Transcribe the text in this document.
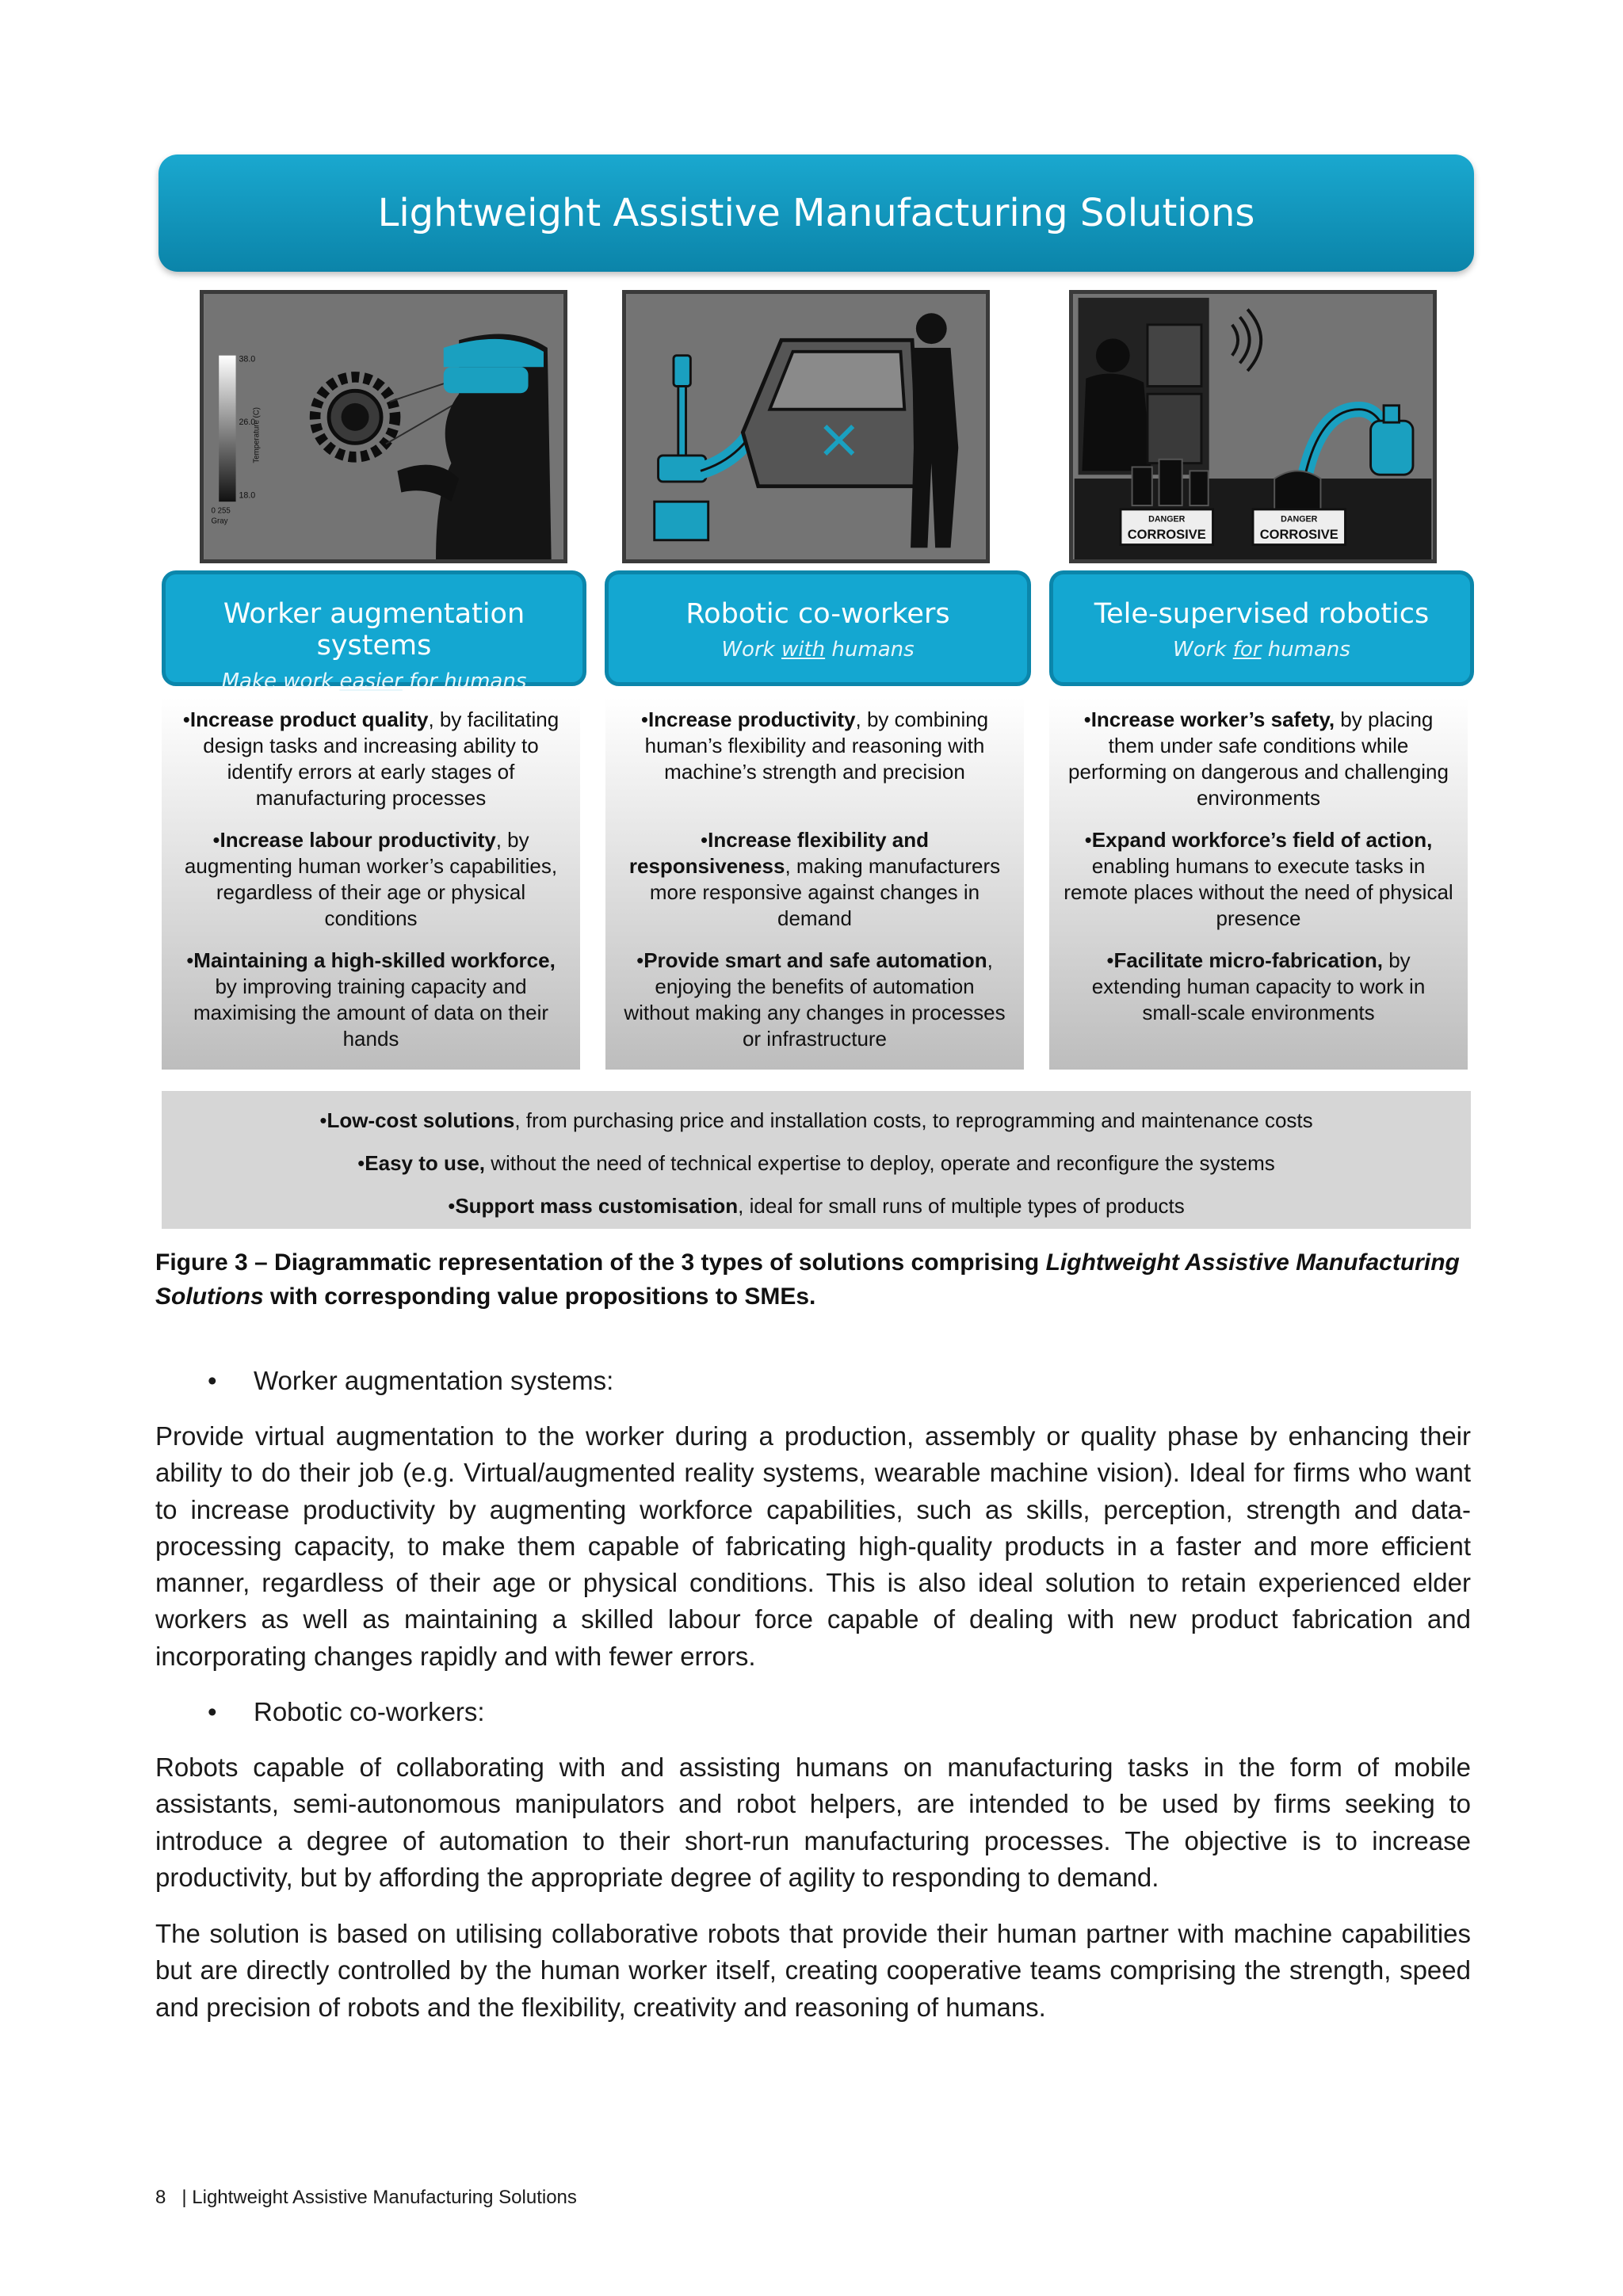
Lightweight Assistive Manufacturing Solutions
38.0
26.0
18.0
0 255
Gray
Temperature (C)
DANGER
CORROSIVE
DANGER
CORROSIVE
Worker augmentation systems
Make work easier for humans
Robotic co-workers
Work with humans
Tele-supervised robotics
Work for humans
•Increase product quality, by facilitating design tasks and increasing ability to identify errors at early stages of manufacturing processes
•Increase labour productivity, by augmenting human worker’s capabilities, regardless of their age or physical conditions
•Maintaining a high-skilled workforce, by improving training capacity and maximising the amount of data on their hands
•Increase productivity, by combining human’s flexibility and reasoning with machine’s strength and precision
•Increase flexibility and responsiveness, making manufacturers more responsive against changes in demand
•Provide smart and safe automation, enjoying the benefits of automation without making any changes in processes or infrastructure
•Increase worker’s safety, by placing them under safe conditions while performing on dangerous and challenging environments
•Expand workforce’s field of action, enabling humans to execute tasks in remote places without the need of physical presence
•Facilitate micro-fabrication, by extending human capacity to work in small-scale environments
•Low-cost solutions, from purchasing price and installation costs, to reprogramming and maintenance costs
•Easy to use, without the need of technical expertise to deploy, operate and reconfigure the systems
•Support mass customisation, ideal for small runs of multiple types of products
Figure 3 – Diagrammatic representation of the 3 types of solutions comprising Lightweight Assistive Manufacturing Solutions with corresponding value propositions to SMEs.
• Worker augmentation systems:
Provide virtual augmentation to the worker during a production, assembly or quality phase by enhancing their ability to do their job (e.g. Virtual/augmented reality systems, wearable machine vision). Ideal for firms who want to increase productivity by augmenting workforce capabilities, such as skills, perception, strength and data-processing capacity, to make them capable of fabricating high-quality products in a faster and more efficient manner, regardless of their age or physical conditions. This is also ideal solution to retain experienced elder workers as well as maintaining a skilled labour force capable of dealing with new product fabrication and incorporating changes rapidly and with fewer errors.
• Robotic co-workers:
Robots capable of collaborating with and assisting humans on manufacturing tasks in the form of mobile assistants, semi-autonomous manipulators and robot helpers, are intended to be used by firms seeking to introduce a degree of automation to their short-run manufacturing processes. The objective is to increase productivity, but by affording the appropriate degree of agility to responding to demand.
The solution is based on utilising collaborative robots that provide their human partner with machine capabilities but are directly controlled by the human worker itself, creating cooperative teams comprising the strength, speed and precision of robots and the flexibility, creativity and reasoning of humans.
8 | Lightweight Assistive Manufacturing Solutions
